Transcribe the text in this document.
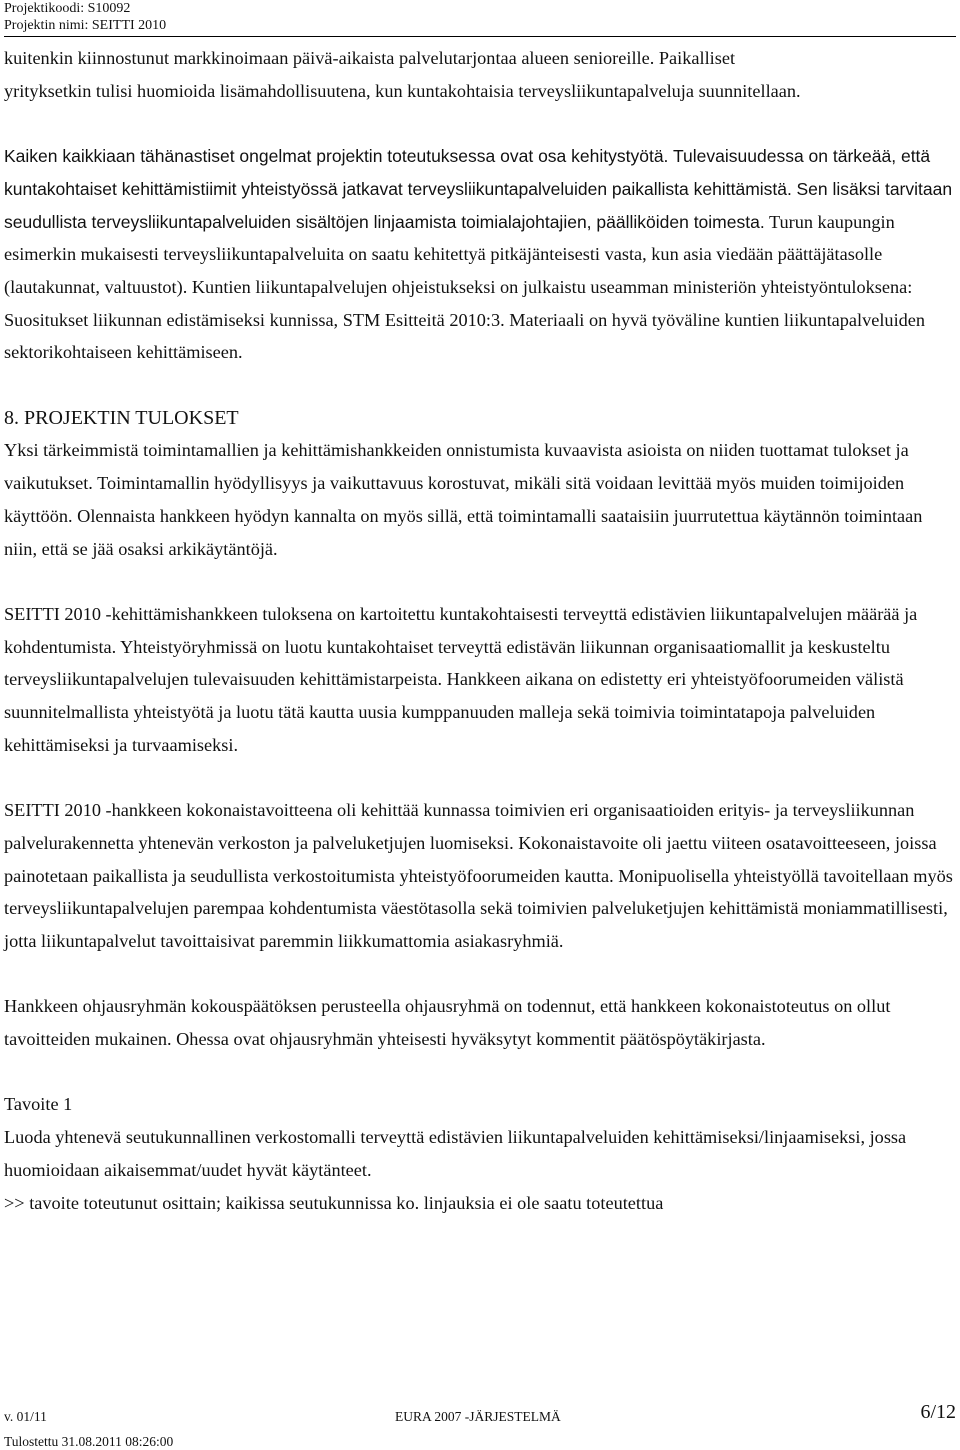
Projektikoodi: S10092
Projektin nimi: SEITTI 2010

kuitenkin kiinnostunut markkinoimaan päivä-aikaista palvelutarjontaa alueen senioreille. Paikalliset
yrityksetkin tulisi huomioida lisämahdollisuutena, kun kuntakohtaisia terveysliikuntapalveluja suunnitellaan.

Kaiken kaikkiaan tähänastiset ongelmat projektin toteutuksessa ovat osa kehitystyötä. Tulevaisuudessa on tärkeää, että kuntakohtaiset kehittämistiimit yhteistyössä jatkavat terveysliikuntapalveluiden paikallista kehittämistä. Sen lisäksi tarvitaan seudullista terveysliikuntapalveluiden sisältöjen linjaamista toimialajohtajien, päälliköiden toimesta. Turun kaupungin esimerkin mukaisesti terveysliikuntapalveluita on saatu kehitettyä pitkäjänteisesti vasta, kun asia viedään päättäjätasolle (lautakunnat, valtuustot). Kuntien liikuntapalvelujen ohjeistukseksi on julkaistu useamman ministeriön yhteistyöntuloksena: Suositukset liikunnan edistämiseksi kunnissa, STM Esitteitä 2010:3. Materiaali on hyvä työväline kuntien liikuntapalveluiden sektorikohtaiseen kehittämiseen.

8. PROJEKTIN TULOKSET

Yksi tärkeimmistä toimintamallien ja kehittämishankkeiden onnistumista kuvaavista asioista on niiden tuottamat tulokset ja vaikutukset. Toimintamallin hyödyllisyys ja vaikuttavuus korostuvat, mikäli sitä voidaan levittää myös muiden toimijoiden käyttöön. Olennaista hankkeen hyödyn kannalta on myös sillä, että toimintamalli saataisiin juurrutettua käytännön toimintaan niin, että se jää osaksi arkikäytäntöjä.

SEITTI 2010 -kehittämishankkeen tuloksena on kartoitettu kuntakohtaisesti terveyttä edistävien liikuntapalvelujen määrää ja kohdentumista. Yhteistyöryhmissä on luotu kuntakohtaiset terveyttä edistävän liikunnan organisaatiomallit ja keskusteltu terveysliikuntapalvelujen tulevaisuuden kehittämistarpeista. Hankkeen aikana on edistetty eri yhteistyöfoorumeiden välistä suunnitelmallista yhteistyötä ja luotu tätä kautta uusia kumppanuuden malleja sekä toimivia toimintatapoja palveluiden kehittämiseksi ja turvaamiseksi.

SEITTI 2010 -hankkeen kokonaistavoitteena oli kehittää kunnassa toimivien eri organisaatioiden erityis- ja terveysliikunnan palvelurakennetta yhtenevän verkoston ja palveluketjujen luomiseksi. Kokonaistavoite oli jaettu viiteen osatavoitteeseen, joissa painotetaan paikallista ja seudullista verkostoitumista yhteistyöfoorumeiden kautta. Monipuolisella yhteistyöllä tavoitellaan myös terveysliikuntapalvelujen parempaa kohdentumista väestötasolla sekä toimivien palveluketjujen kehittämistä moniammatillisesti, jotta liikuntapalvelut tavoittaisivat paremmin liikkumattomia asiakasryhmiä.

Hankkeen ohjausryhmän kokouspäätöksen perusteella ohjausryhmä on todennut, että hankkeen kokonaistoteutus on ollut tavoitteiden mukainen. Ohessa ovat ohjausryhmän yhteisesti hyväksytyt kommentit päätöspöytäkirjasta.

Tavoite 1

Luoda yhtenevä seutukunnallinen verkostomalli terveyttä edistävien liikuntapalveluiden kehittämiseksi/linjaamiseksi, jossa huomioidaan aikaisemmat/uudet hyvät käytänteet.

>> tavoite toteutunut osittain; kaikissa seutukunnissa ko. linjauksia ei ole saatu toteutettua

v. 01/11	EURA 2007 -JÄRJESTELMÄ	6/12
Tulostettu 31.08.2011 08:26:00
